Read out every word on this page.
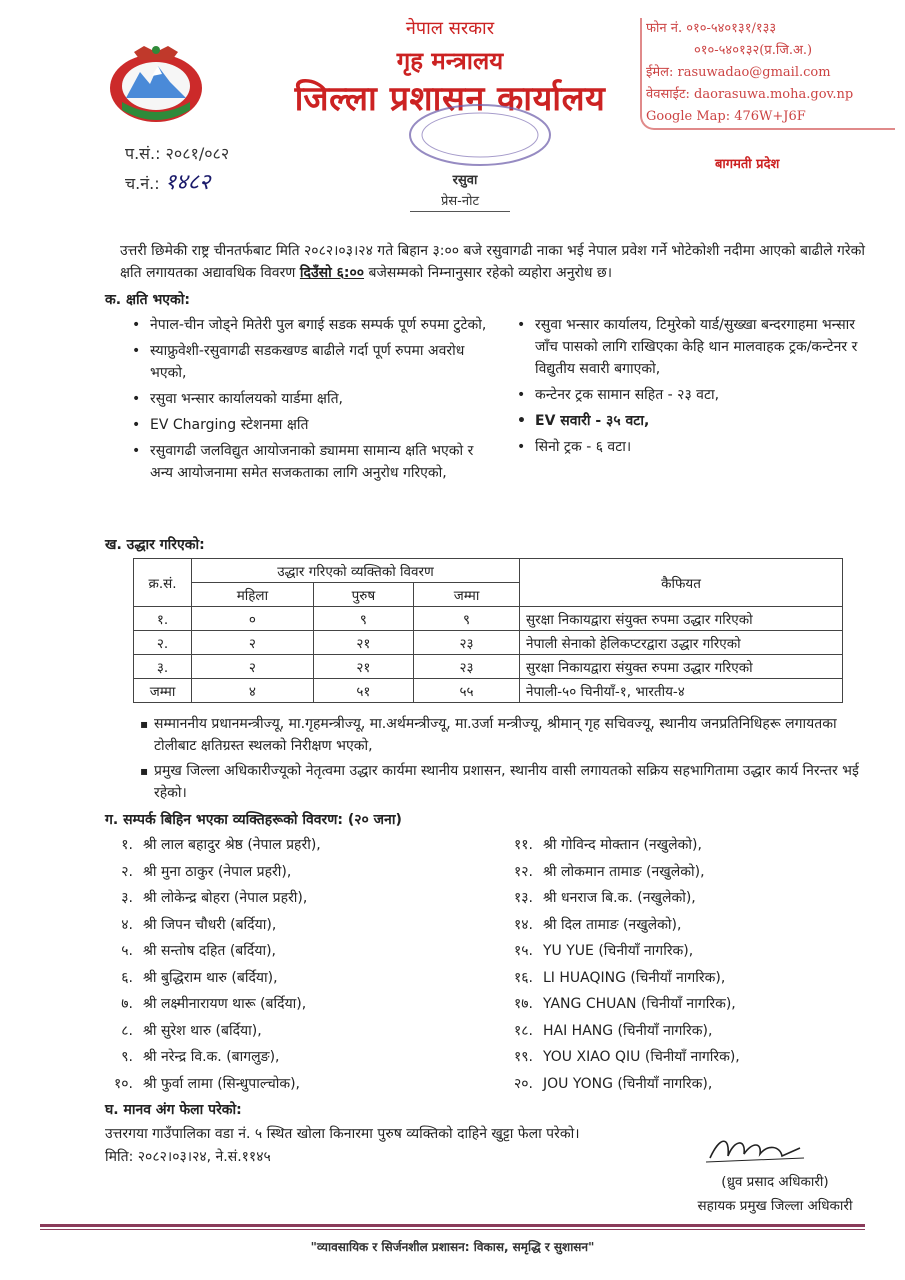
नेपाल सरकार
गृह मन्त्रालय
जिल्ला प्रशासन कार्यालय
रसुवा
प्रेस-नोट
फोन नं. ०१०-५४०१३१/१३३
०१०-५४०१३२(प्र.जि.अ.)
ईमेल: rasuwadao@gmail.com
वेवसाईट: daorasuwa.moha.gov.np
Google Map: 476W+J6F
बागमती प्रदेश
प.सं.: २०८१/०८२
च.नं.: १४८२
उत्तरी छिमेकी राष्ट्र चीनतर्फबाट मिति २०८२।०३।२४ गते बिहान ३:०० बजे रसुवागढी नाका भई नेपाल प्रवेश गर्ने भोटेकोशी नदीमा आएको बाढीले गरेको क्षति लगायतका अद्यावधिक विवरण दिउँसो ६:०० बजेसम्मको निम्नानुसार रहेको व्यहोरा अनुरोध छ।
क. क्षति भएको:
• नेपाल-चीन जोड्ने मितेरी पुल बगाई सडक सम्पर्क पूर्ण रुपमा टुटेको,
• स्याफ्रुवेशी-रसुवागढी सडकखण्ड बाढीले गर्दा पूर्ण रुपमा अवरोध भएको,
• रसुवा भन्सार कार्यालयको यार्डमा क्षति,
• EV Charging स्टेशनमा क्षति
• रसुवागढी जलविद्युत आयोजनाको ड्याममा सामान्य क्षति भएको र अन्य आयोजनामा समेत सजकताका लागि अनुरोध गरिएको,
• रसुवा भन्सार कार्यालय, टिमुरेको यार्ड/सुख्खा बन्दरगाहमा भन्सार जाँच पासको लागि राखिएका केहि थान मालवाहक ट्रक/कन्टेनर र विद्युतीय सवारी बगाएको,
• कन्टेनर ट्रक सामान सहित - २३ वटा,
• EV सवारी - ३५ वटा,
• सिनो ट्रक - ६ वटा।
ख. उद्धार गरिएको:
क्र.सं.	उद्धार गरिएको व्यक्तिको विवरण			कैफियत
	महिला	पुरुष	जम्मा	
१.	०	९	९	सुरक्षा निकायद्वारा संयुक्त रुपमा उद्धार गरिएको
२.	२	२१	२३	नेपाली सेनाको हेलिकप्टरद्वारा उद्धार गरिएको
३.	२	२१	२३	सुरक्षा निकायद्वारा संयुक्त रुपमा उद्धार गरिएको
जम्मा	४	५१	५५	नेपाली-५० चिनीयाँ-१, भारतीय-४
▪ सम्माननीय प्रधानमन्त्रीज्यू, मा.गृहमन्त्रीज्यू, मा.अर्थमन्त्रीज्यू, मा.उर्जा मन्त्रीज्यू, श्रीमान् गृह सचिवज्यू, स्थानीय जनप्रतिनिधिहरू लगायतका टोलीबाट क्षतिग्रस्त स्थलको निरीक्षण भएको,
▪ प्रमुख जिल्ला अधिकारीज्यूको नेतृत्वमा उद्धार कार्यमा स्थानीय प्रशासन, स्थानीय वासी लगायतको सक्रिय सहभागितामा उद्धार कार्य निरन्तर भई रहेको।
ग. सम्पर्क बिहिन भएका व्यक्तिहरूको विवरण: (२० जना)
१. श्री लाल बहादुर श्रेष्ठ (नेपाल प्रहरी),
२. श्री मुना ठाकुर (नेपाल प्रहरी),
३. श्री लोकेन्द्र बोहरा (नेपाल प्रहरी),
४. श्री जिपन चौधरी (बर्दिया),
५. श्री सन्तोष दहित (बर्दिया),
६. श्री बुद्धिराम थारु (बर्दिया),
७. श्री लक्ष्मीनारायण थारू (बर्दिया),
८. श्री सुरेश थारु (बर्दिया),
९. श्री नरेन्द्र वि.क. (बागलुङ),
१०. श्री फुर्वा लामा (सिन्धुपाल्चोक),
११. श्री गोविन्द मोक्तान (नखुलेको),
१२. श्री लोकमान तामाङ (नखुलेको),
१३. श्री धनराज बि.क. (नखुलेको),
१४. श्री दिल तामाङ (नखुलेको),
१५. YU YUE (चिनीयाँ नागरिक),
१६. LI HUAQING (चिनीयाँ नागरिक),
१७. YANG CHUAN (चिनीयाँ नागरिक),
१८. HAI HANG (चिनीयाँ नागरिक),
१९. YOU XIAO QIU (चिनीयाँ नागरिक),
२०. JOU YONG (चिनीयाँ नागरिक),
घ. मानव अंग फेला परेको:
उत्तरगया गाउँपालिका वडा नं. ५ स्थित खोला किनारमा पुरुष व्यक्तिको दाहिने खुट्टा फेला परेको।
मिति: २०८२।०३।२४, ने.सं.११४५
(ध्रुव प्रसाद अधिकारी)
सहायक प्रमुख जिल्ला अधिकारी
"व्यावसायिक र सिर्जनशील प्रशासन: विकास, समृद्धि र सुशासन"
